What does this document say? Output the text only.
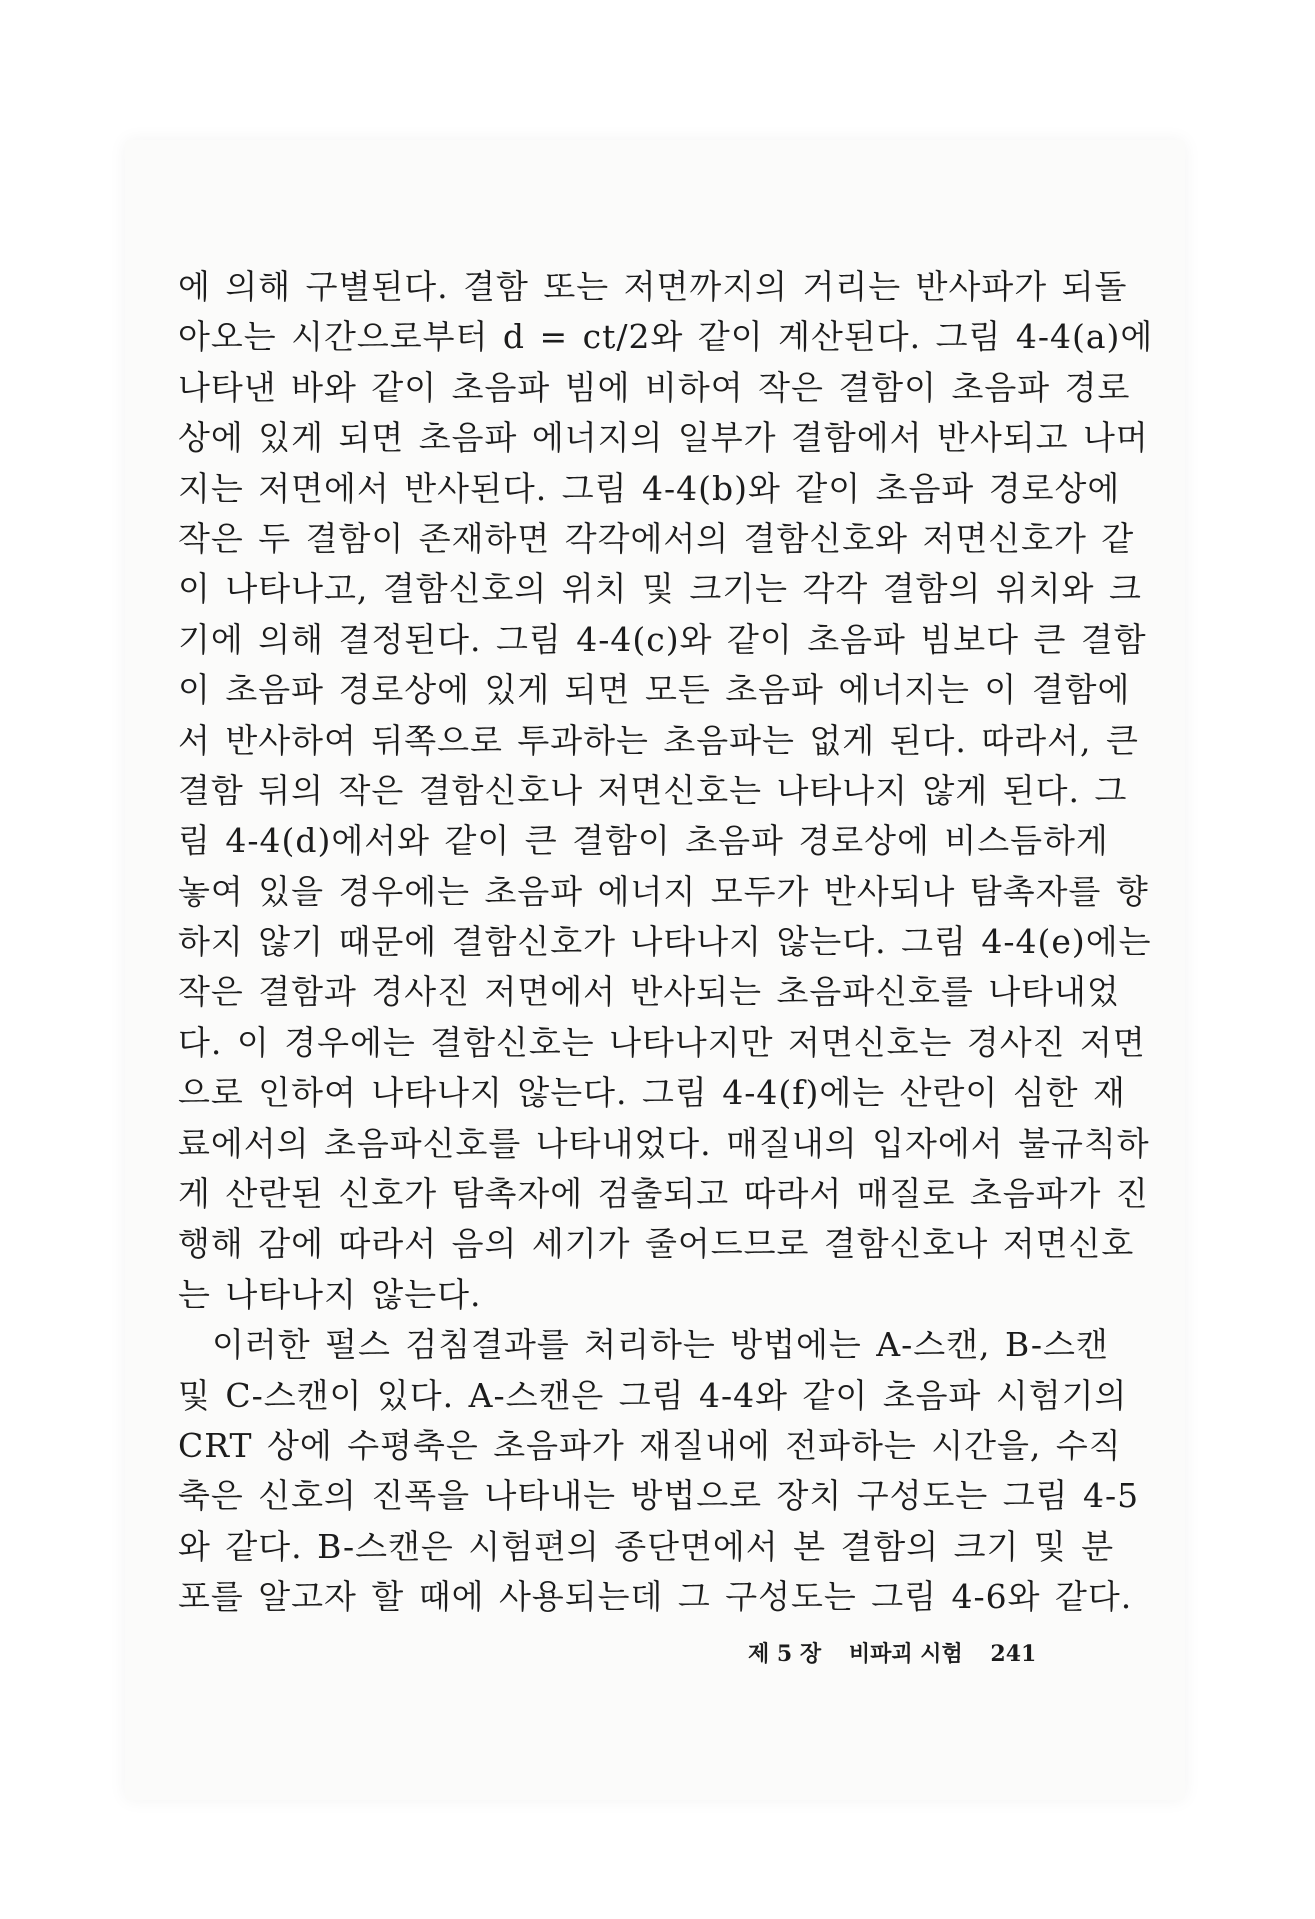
에 의해 구별된다. 결함 또는 저면까지의 거리는 반사파가 되돌
아오는 시간으로부터 d = ct/2와 같이 계산된다. 그림 4-4(a)에
나타낸 바와 같이 초음파 빔에 비하여 작은 결함이 초음파 경로
상에 있게 되면 초음파 에너지의 일부가 결함에서 반사되고 나머
지는 저면에서 반사된다. 그림 4-4(b)와 같이 초음파 경로상에
작은 두 결함이 존재하면 각각에서의 결함신호와 저면신호가 같
이 나타나고, 결함신호의 위치 및 크기는 각각 결함의 위치와 크
기에 의해 결정된다. 그림 4-4(c)와 같이 초음파 빔보다 큰 결함
이 초음파 경로상에 있게 되면 모든 초음파 에너지는 이 결함에
서 반사하여 뒤쪽으로 투과하는 초음파는 없게 된다. 따라서, 큰
결함 뒤의 작은 결함신호나 저면신호는 나타나지 않게 된다. 그
림 4-4(d)에서와 같이 큰 결함이 초음파 경로상에 비스듬하게
놓여 있을 경우에는 초음파 에너지 모두가 반사되나 탐촉자를 향
하지 않기 때문에 결함신호가 나타나지 않는다. 그림 4-4(e)에는
작은 결함과 경사진 저면에서 반사되는 초음파신호를 나타내었
다. 이 경우에는 결함신호는 나타나지만 저면신호는 경사진 저면
으로 인하여 나타나지 않는다. 그림 4-4(f)에는 산란이 심한 재
료에서의 초음파신호를 나타내었다. 매질내의 입자에서 불규칙하
게 산란된 신호가 탐촉자에 검출되고 따라서 매질로 초음파가 진
행해 감에 따라서 음의 세기가 줄어드므로 결함신호나 저면신호
는 나타나지 않는다.
이러한 펄스 검침결과를 처리하는 방법에는 A-스캔, B-스캔
및 C-스캔이 있다. A-스캔은 그림 4-4와 같이 초음파 시험기의
CRT 상에 수평축은 초음파가 재질내에 전파하는 시간을, 수직
축은 신호의 진폭을 나타내는 방법으로 장치 구성도는 그림 4-5
와 같다. B-스캔은 시험편의 종단면에서 본 결함의 크기 및 분
포를 알고자 할 때에 사용되는데 그 구성도는 그림 4-6와 같다.
제 5 장 비파괴 시험 241
